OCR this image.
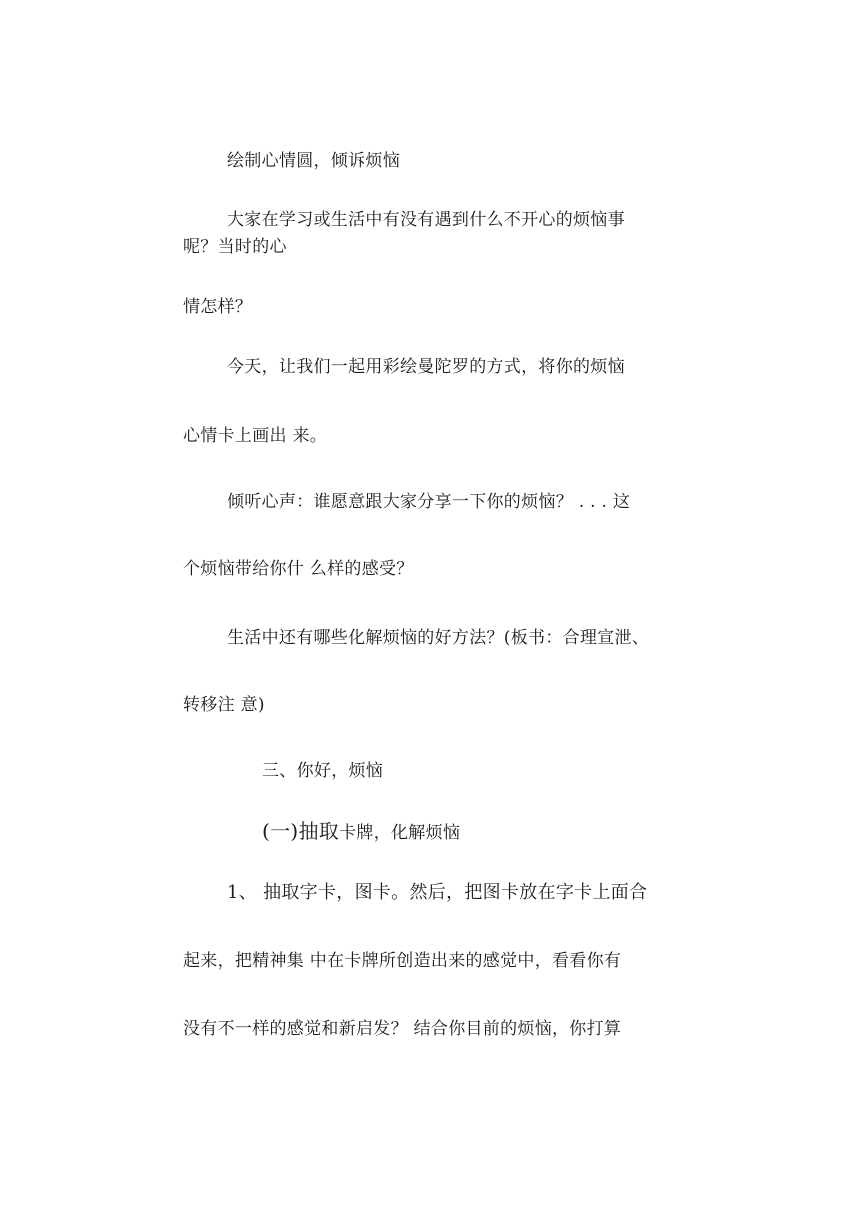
绘制心情圆，倾诉烦恼
大家在学习或生活中有没有遇到什么不开心的烦恼事
呢？当时的心
情怎样？
今天，让我们一起用彩绘曼陀罗的方式，将你的烦恼
心情卡上画出 来。
倾听心声：谁愿意跟大家分享一下你的烦恼？ . . . 这
个烦恼带给你什 么样的感受？
生活中还有哪些化解烦恼的好方法？(板书：合理宣泄、
转移注 意)
三、你好，烦恼
(一)抽取卡牌，化解烦恼
1、 抽取字卡，图卡。然后，把图卡放在字卡上面合
起来，把精神集 中在卡牌所创造出来的感觉中，看看你有
没有不一样的感觉和新启发？ 结合你目前的烦恼，你打算
